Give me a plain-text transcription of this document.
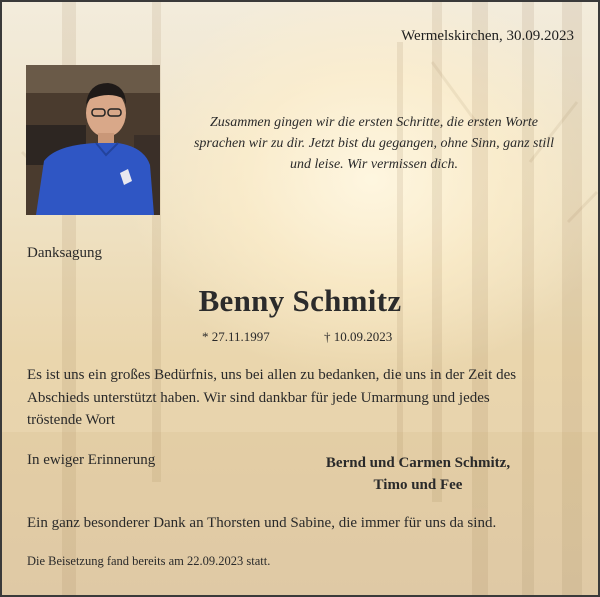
Wermelskirchen, 30.09.2023
Zusammen gingen wir die ersten Schritte, die ersten Worte
sprachen wir zu dir. Jetzt bist du gegangen, ohne Sinn, ganz still
und leise. Wir vermissen dich.
Danksagung
Benny Schmitz
* 27.11.1997	† 10.09.2023
Es ist uns ein großes Bedürfnis, uns bei allen zu bedanken, die uns in der Zeit des
Abschieds unterstützt haben. Wir sind dankbar für jede Umarmung und jedes
tröstende Wort
In ewiger Erinnerung	Bernd und Carmen Schmitz,
Timo und Fee
Ein ganz besonderer Dank an Thorsten und Sabine, die immer für uns da sind.
Die Beisetzung fand bereits am 22.09.2023 statt.
